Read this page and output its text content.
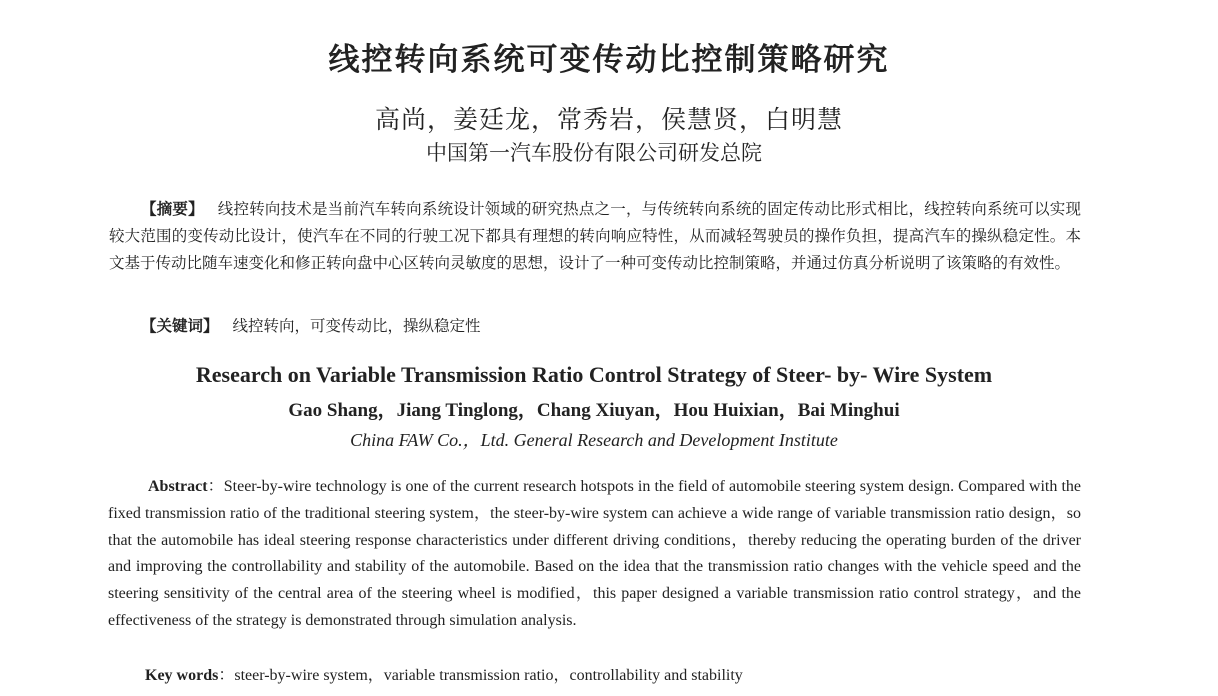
线控转向系统可变传动比控制策略研究
高尚，姜廷龙，常秀岩，侯慧贤，白明慧
中国第一汽车股份有限公司研发总院
【摘要】 线控转向技术是当前汽车转向系统设计领域的研究热点之一，与传统转向系统的固定传动比形式相比，线控转向系统可以实现较大范围的变传动比设计，使汽车在不同的行驶工况下都具有理想的转向响应特性，从而减轻驾驶员的操作负担，提高汽车的操纵稳定性。本文基于传动比随车速变化和修正转向盘中心区转向灵敏度的思想，设计了一种可变传动比控制策略，并通过仿真分析说明了该策略的有效性。
【关键词】 线控转向，可变传动比，操纵稳定性
Research on Variable Transmission Ratio Control Strategy of Steer- by- Wire System
Gao Shang，Jiang Tinglong，Chang Xiuyan，Hou Huixian，Bai Minghui
China FAW Co.，Ltd. General Research and Development Institute
Abstract：Steer-by-wire technology is one of the current research hotspots in the field of automobile steering system design. Compared with the fixed transmission ratio of the traditional steering system，the steer-by-wire system can achieve a wide range of variable transmission ratio design，so that the automobile has ideal steering response characteristics under different driving conditions，thereby reducing the operating burden of the driver and improving the controllability and stability of the automobile. Based on the idea that the transmission ratio changes with the vehicle speed and the steering sensitivity of the central area of the steering wheel is modified，this paper designed a variable transmission ratio control strategy，and the effectiveness of the strategy is demonstrated through simulation analysis.
Key words：steer-by-wire system，variable transmission ratio，controllability and stability
